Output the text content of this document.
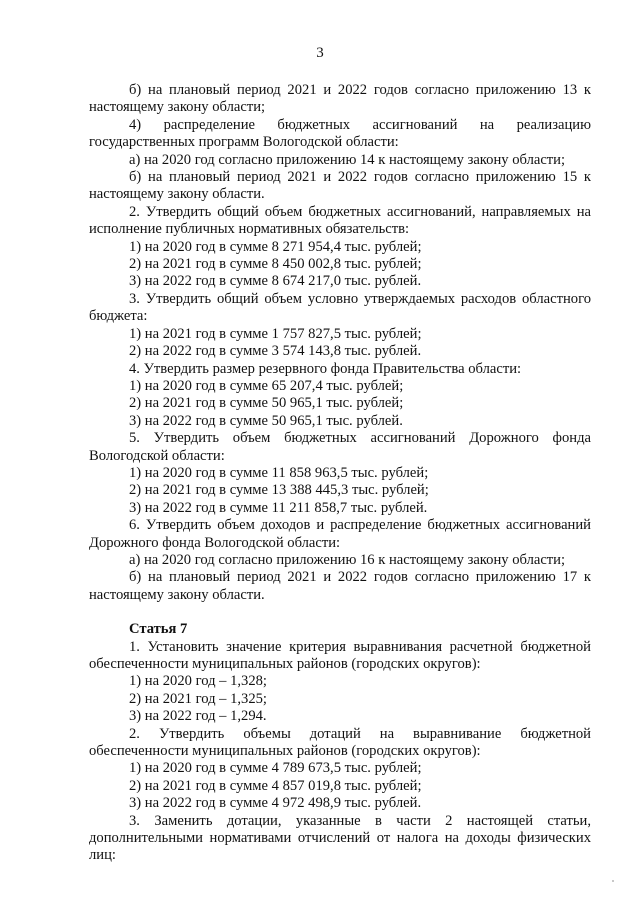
3
б) на плановый период 2021 и 2022 годов согласно приложению 13 к настоящему закону области;
4) распределение бюджетных ассигнований на реализацию государственных программ Вологодской области:
а) на 2020 год согласно приложению 14 к настоящему закону области;
б) на плановый период 2021 и 2022 годов согласно приложению 15 к настоящему закону области.
2. Утвердить общий объем бюджетных ассигнований, направляемых на исполнение публичных нормативных обязательств:
1) на 2020 год в сумме 8 271 954,4 тыс. рублей;
2) на 2021 год в сумме 8 450 002,8 тыс. рублей;
3) на 2022 год в сумме 8 674 217,0 тыс. рублей.
3. Утвердить общий объем условно утверждаемых расходов областного бюджета:
1) на 2021 год в сумме 1 757 827,5 тыс. рублей;
2) на 2022 год в сумме 3 574 143,8 тыс. рублей.
4. Утвердить размер резервного фонда Правительства области:
1) на 2020 год в сумме 65 207,4 тыс. рублей;
2) на 2021 год в сумме 50 965,1 тыс. рублей;
3) на 2022 год в сумме 50 965,1 тыс. рублей.
5. Утвердить объем бюджетных ассигнований Дорожного фонда Вологодской области:
1) на 2020 год в сумме 11 858 963,5 тыс. рублей;
2) на 2021 год в сумме 13 388 445,3 тыс. рублей;
3) на 2022 год в сумме 11 211 858,7 тыс. рублей.
6. Утвердить объем доходов и распределение бюджетных ассигнований Дорожного фонда Вологодской области:
а) на 2020 год согласно приложению 16 к настоящему закону области;
б) на плановый период 2021 и 2022 годов согласно приложению 17 к настоящему закону области.
Статья 7
1. Установить значение критерия выравнивания расчетной бюджетной обеспеченности муниципальных районов (городских округов):
1) на 2020 год – 1,328;
2) на 2021 год – 1,325;
3) на 2022 год – 1,294.
2. Утвердить объемы дотаций на выравнивание бюджетной обеспеченности муниципальных районов (городских округов):
1) на 2020 год в сумме 4 789 673,5 тыс. рублей;
2) на 2021 год в сумме 4 857 019,8 тыс. рублей;
3) на 2022 год в сумме 4 972 498,9 тыс. рублей.
3. Заменить дотации, указанные в части 2 настоящей статьи, дополнительными нормативами отчислений от налога на доходы физических лиц:
